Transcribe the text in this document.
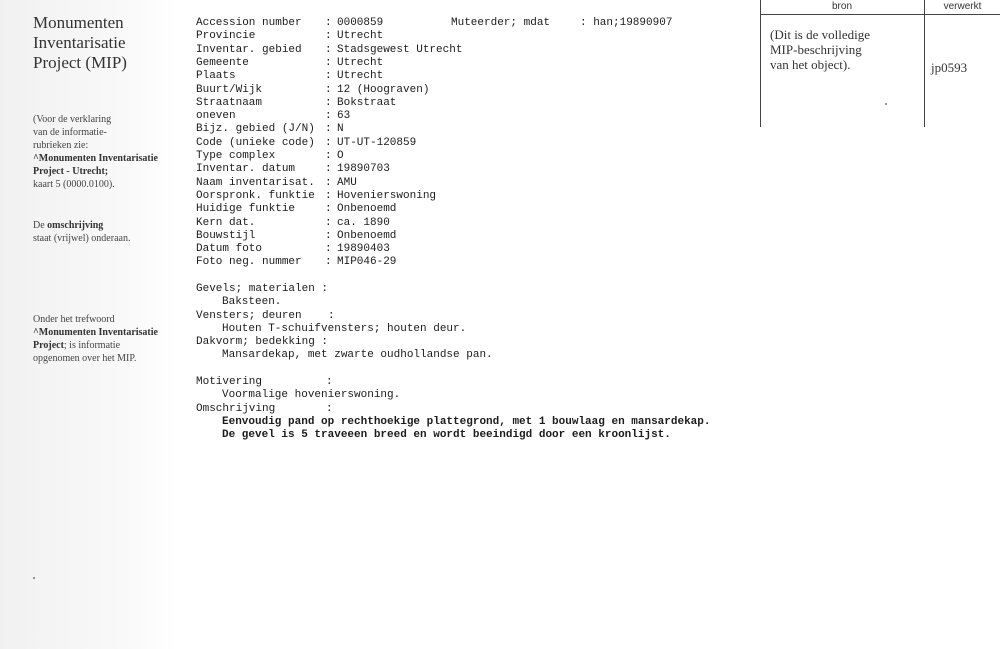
Monumenten
Inventarisatie
Project (MIP)
(Voor de verklaring
van de informatie-
rubrieken zie:
^Monumenten Inventarisatie
Project - Utrecht;
kaart 5 (0000.0100).
De omschrijving
staat (vrijwel) onderaan.
Onder het trefwoord
^Monumenten Inventarisatie
Project; is informatie
opgenomen over het MIP.
Accession number : 0000859
Provincie	: Utrecht
Inventar. gebied : Stadsgewest Utrecht
Gemeente	: Utrecht
Plaats	: Utrecht
Buurt/Wijk	: 12 (Hoograven)
Straatnaam	: Bokstraat
oneven	: 63
Bijz. gebied (J/N) : N
Code (unieke code) : UT-UT-120859
Type complex	: O
Inventar. datum	: 19890703
Naam inventarisat. : AMU
Oorspronk. funktie : Hovenierswoning
Huidige funktie	: Onbenoemd
Kern dat.	: ca. 1890
Bouwstijl	: Onbenoemd
Datum foto	: 19890403
Foto neg. nummer : MIP046-29
Muteerder; mdat	: han;19890907
Gevels; materialen :
Baksteen.
Vensters; deuren :
Houten T-schuifvensters; houten deur.
Dakvorm; bedekking :
Mansardekap, met zwarte oudhollandse pan.
Motivering	:
Voormalige hovenierswoning.
Omschrijving	:
Eenvoudig pand op rechthoekige plattegrond, met 1 bouwlaag en mansardekap.
De gevel is 5 traveeen breed en wordt beeindigd door een kroonlijst.
bron	verwerkt
(Dit is de volledige
MIP-beschrijving
van het object).	jp0593
